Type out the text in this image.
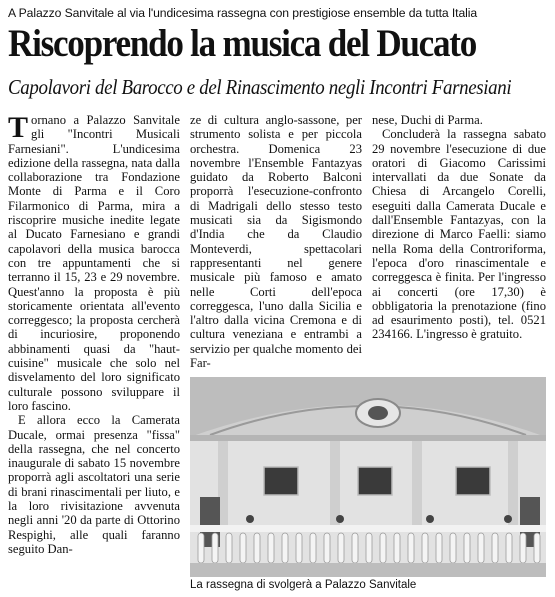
A Palazzo Sanvitale al via l'undicesima rassegna con prestigiose ensemble da tutta Italia
Riscoprendo la musica del Ducato
Capolavori del Barocco e del Rinascimento negli Incontri Farnesiani

Tornano a Palazzo Sanvitale gli "Incontri Musicali Farnesiani". L'undicesima edizione della rassegna, nata dalla collaborazione tra Fondazione Monte di Parma e il Coro Filarmonico di Parma, mira a riscoprire musiche inedite legate al Ducato Farnesiano e grandi capolavori della musica barocca con tre appuntamenti che si terranno il 15, 23 e 29 novembre. Quest'anno la proposta è più storicamente orientata all'evento correggesco; la proposta cercherà di incuriosire, proponendo abbinamenti quasi da "haut-cuisine" musicale che solo nel disvelamento del loro significato culturale possono sviluppare il loro fascino.

E allora ecco la Camerata Ducale, ormai presenza "fissa" della rassegna, che nel concerto inaugurale di sabato 15 novembre proporrà agli ascoltatori una serie di brani rinascimentali per liuto, e la loro rivisitazione avvenuta negli anni '20 da parte di Ottorino Respighi, alle quali faranno seguito Dan-

ze di cultura anglo-sassone, per strumento solista e per piccola orchestra. Domenica 23 novembre l'Ensemble Fantazyas guidato da Roberto Balconi proporrà l'esecuzione-confronto di Madrigali dello stesso testo musicati sia da Sigismondo d'India che da Claudio Monteverdi, spettacolari rappresentanti nel genere musicale più famoso e amato nelle Corti dell'epoca correggesca, l'uno dalla Sicilia e l'altro dalla vicina Cremona e di cultura veneziana e entrambi a servizio per qualche momento dei Far-

nese, Duchi di Parma.

Concluderà la rassegna sabato 29 novembre l'esecuzione di due oratori di Giacomo Carissimi intervallati da due Sonate da Chiesa di Arcangelo Corelli, eseguiti dalla Camerata Ducale e dall'Ensemble Fantazyas, con la direzione di Marco Faelli: siamo nella Roma della Controriforma, l'epoca d'oro rinascimentale e correggesca è finita. Per l'ingresso ai concerti (ore 17,30) è obbligatoria la prenotazione (fino ad esaurimento posti), tel. 0521 234166. L'ingresso è gratuito.

La rassegna di svolgerà a Palazzo Sanvitale
